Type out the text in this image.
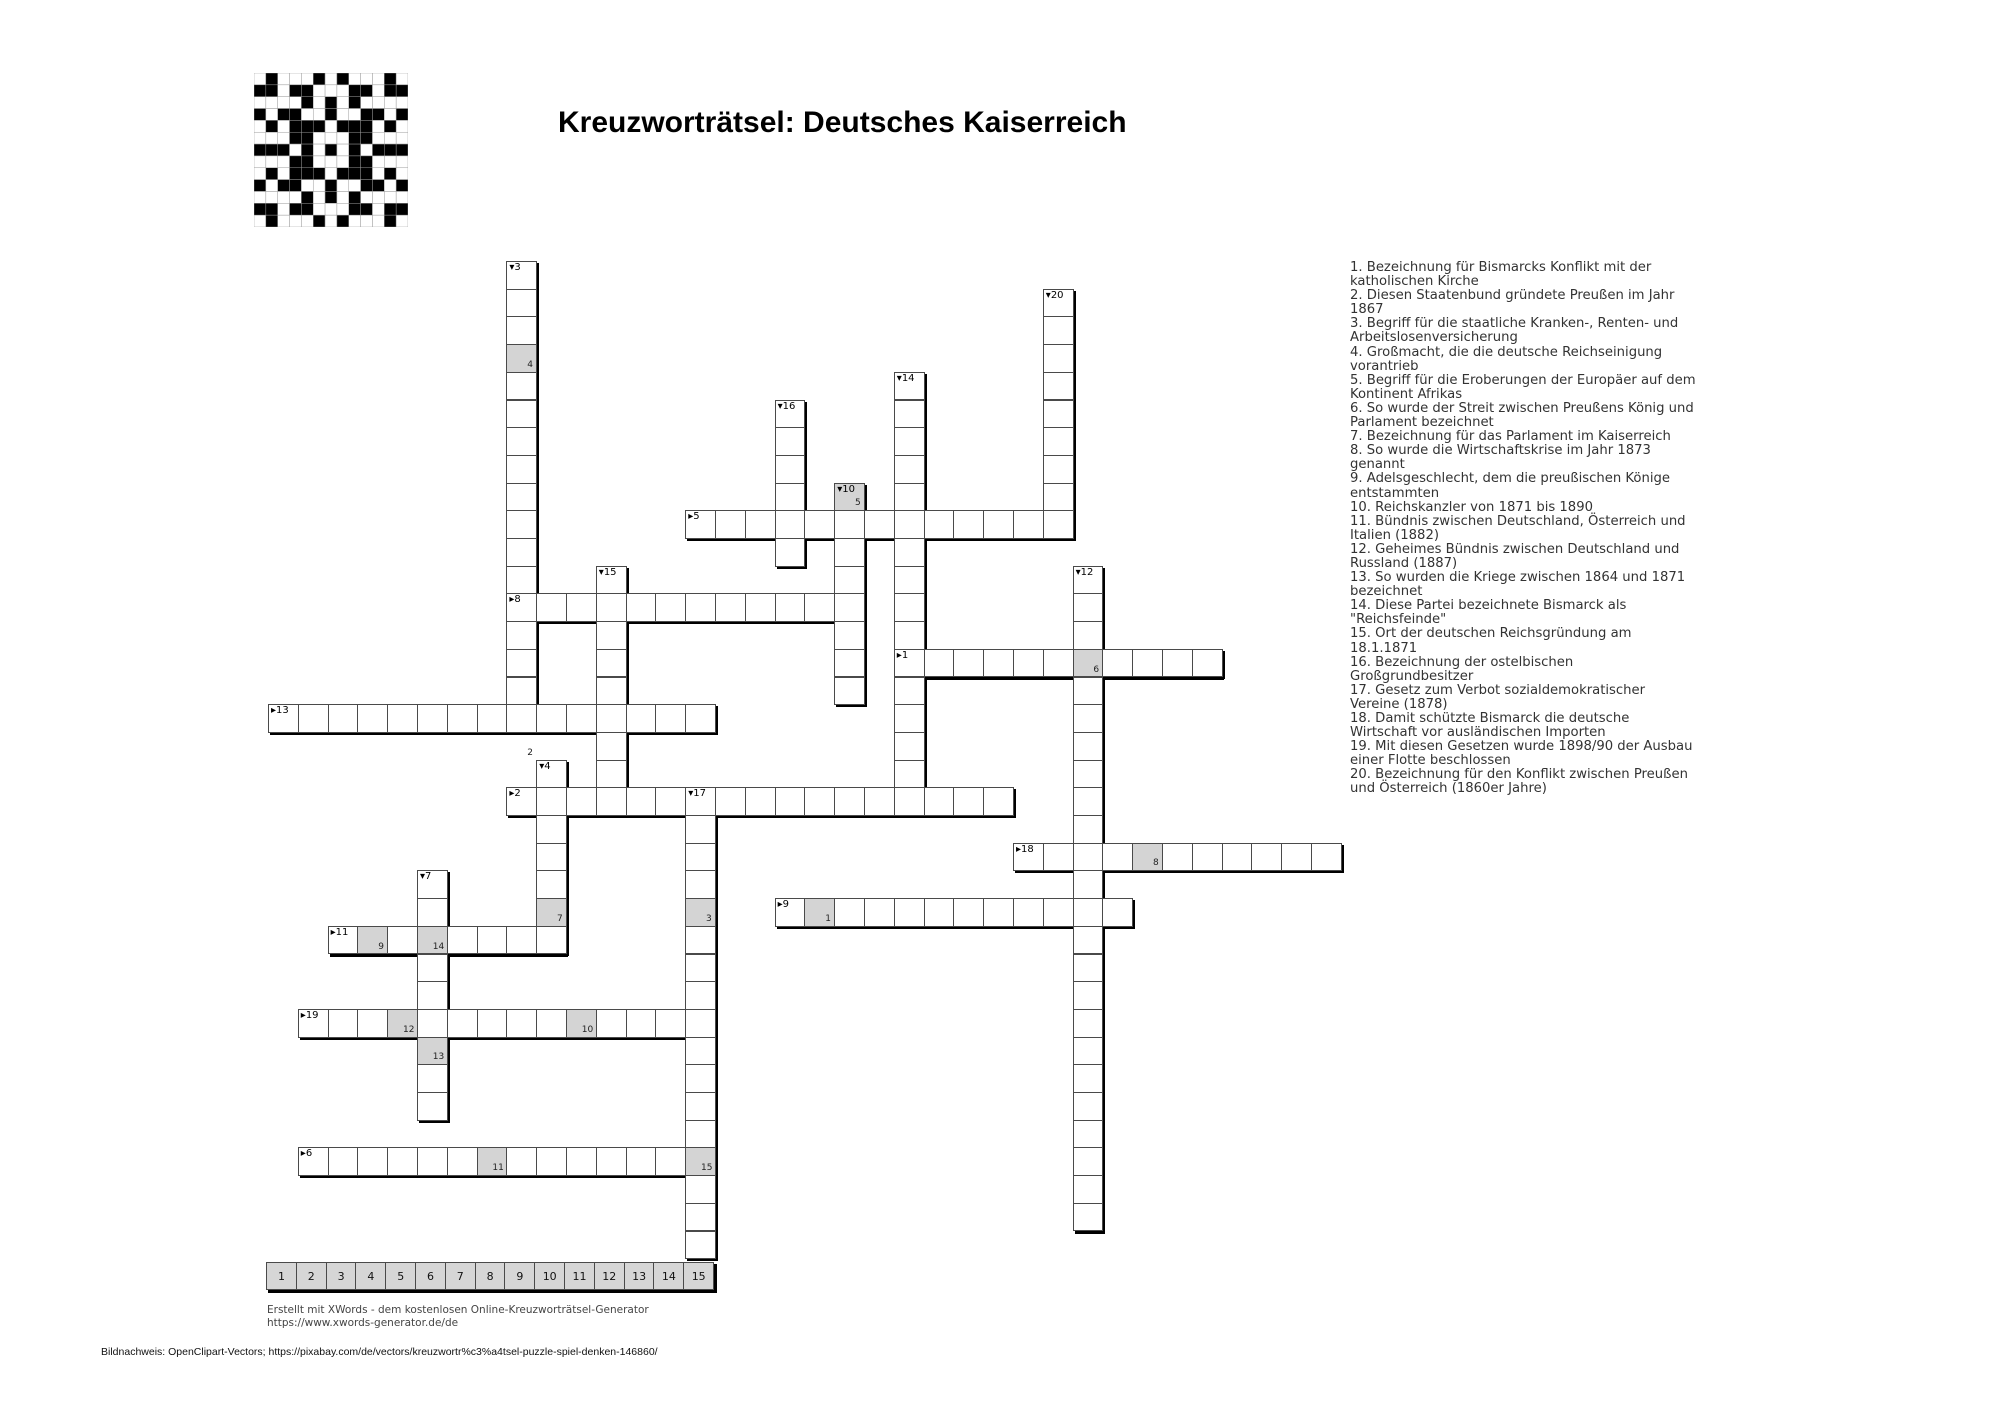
Kreuzworträtsel: Deutsches Kaiserreich
4
2
5
6
7	3
8
1
9	14
12	10
13
11	15
▾3
▾20
▾14
▾16
▾10
▸5
▾15	▾12
▸8
▸1
▸13
▾4
▸2	▾17
▸18
▾7
▸9
▸11
▸19
▸6
1. Bezeichnung für Bismarcks Konflikt mit der katholischen Kirche
2. Diesen Staatenbund gründete Preußen im Jahr 1867
3. Begriff für die staatliche Kranken-, Renten- und Arbeitslosenversicherung
4. Großmacht, die die deutsche Reichseinigung vorantrieb
5. Begriff für die Eroberungen der Europäer auf dem Kontinent Afrikas
6. So wurde der Streit zwischen Preußens König und Parlament bezeichnet
7. Bezeichnung für das Parlament im Kaiserreich
8. So wurde die Wirtschaftskrise im Jahr 1873 genannt
9. Adelsgeschlecht, dem die preußischen Könige entstammten
10. Reichskanzler von 1871 bis 1890
11. Bündnis zwischen Deutschland, Österreich und Italien (1882)
12. Geheimes Bündnis zwischen Deutschland und Russland (1887)
13. So wurden die Kriege zwischen 1864 und 1871 bezeichnet
14. Diese Partei bezeichnete Bismarck als "Reichsfeinde"
15. Ort der deutschen Reichsgründung am 18.1.1871
16. Bezeichnung der ostelbischen Großgrundbesitzer
17. Gesetz zum Verbot sozialdemokratischer Vereine (1878)
18. Damit schützte Bismarck die deutsche Wirtschaft vor ausländischen Importen
19. Mit diesen Gesetzen wurde 1898/90 der Ausbau einer Flotte beschlossen
20. Bezeichnung für den Konflikt zwischen Preußen und Österreich (1860er Jahre)
1	2	3	4	5	6	7	8	9	10	11	12	13	14	15
Erstellt mit XWords - dem kostenlosen Online-Kreuzworträtsel-Generator
https://www.xwords-generator.de/de
Bildnachweis: OpenClipart-Vectors; https://pixabay.com/de/vectors/kreuzwortr%c3%a4tsel-puzzle-spiel-denken-146860/
